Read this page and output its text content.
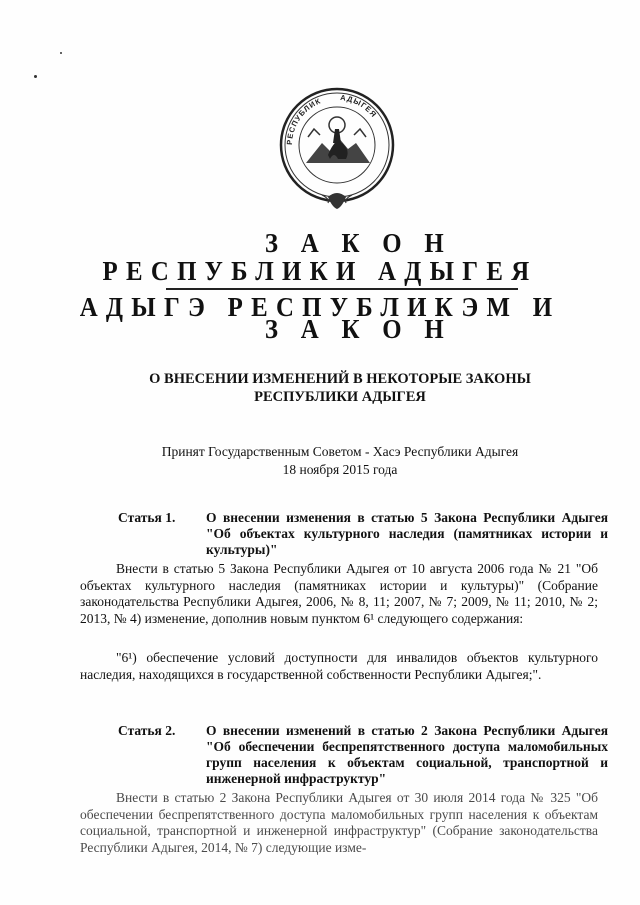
РЕСПУБЛИК АДЫГЕЯ
З А К О Н
РЕСПУБЛИКИ АДЫГЕЯ
АДЫГЭ РЕСПУБЛИКЭМ И
З А К О Н
О ВНЕСЕНИИ ИЗМЕНЕНИЙ В НЕКОТОРЫЕ ЗАКОНЫ
РЕСПУБЛИКИ АДЫГЕЯ
Принят Государственным Советом - Хасэ Республики Адыгея
18 ноября 2015 года
Статья 1. О внесении изменения в статью 5 Закона Республики Адыгея "Об объектах культурного наследия (памятниках истории и культуры)"
Внести в статью 5 Закона Республики Адыгея от 10 августа 2006 года № 21 "Об объектах культурного наследия (памятниках истории и культуры)" (Собрание законодательства Республики Адыгея, 2006, № 8, 11; 2007, № 7; 2009, № 11; 2010, № 2; 2013, № 4) изменение, дополнив новым пунктом 6¹ следующего содержания:
"6¹) обеспечение условий доступности для инвалидов объектов культурного наследия, находящихся в государственной собственности Республики Адыгея;".
Статья 2. О внесении изменений в статью 2 Закона Республики Адыгея "Об обеспечении беспрепятственного доступа маломобильных групп населения к объектам социальной, транспортной и инженерной инфраструктур"
Внести в статью 2 Закона Республики Адыгея от 30 июля 2014 года № 325 "Об обеспечении беспрепятственного доступа маломобильных групп населения к объектам социальной, транспортной и инженерной инфраструктур" (Собрание законодательства Республики Адыгея, 2014, № 7) следующие изме-
